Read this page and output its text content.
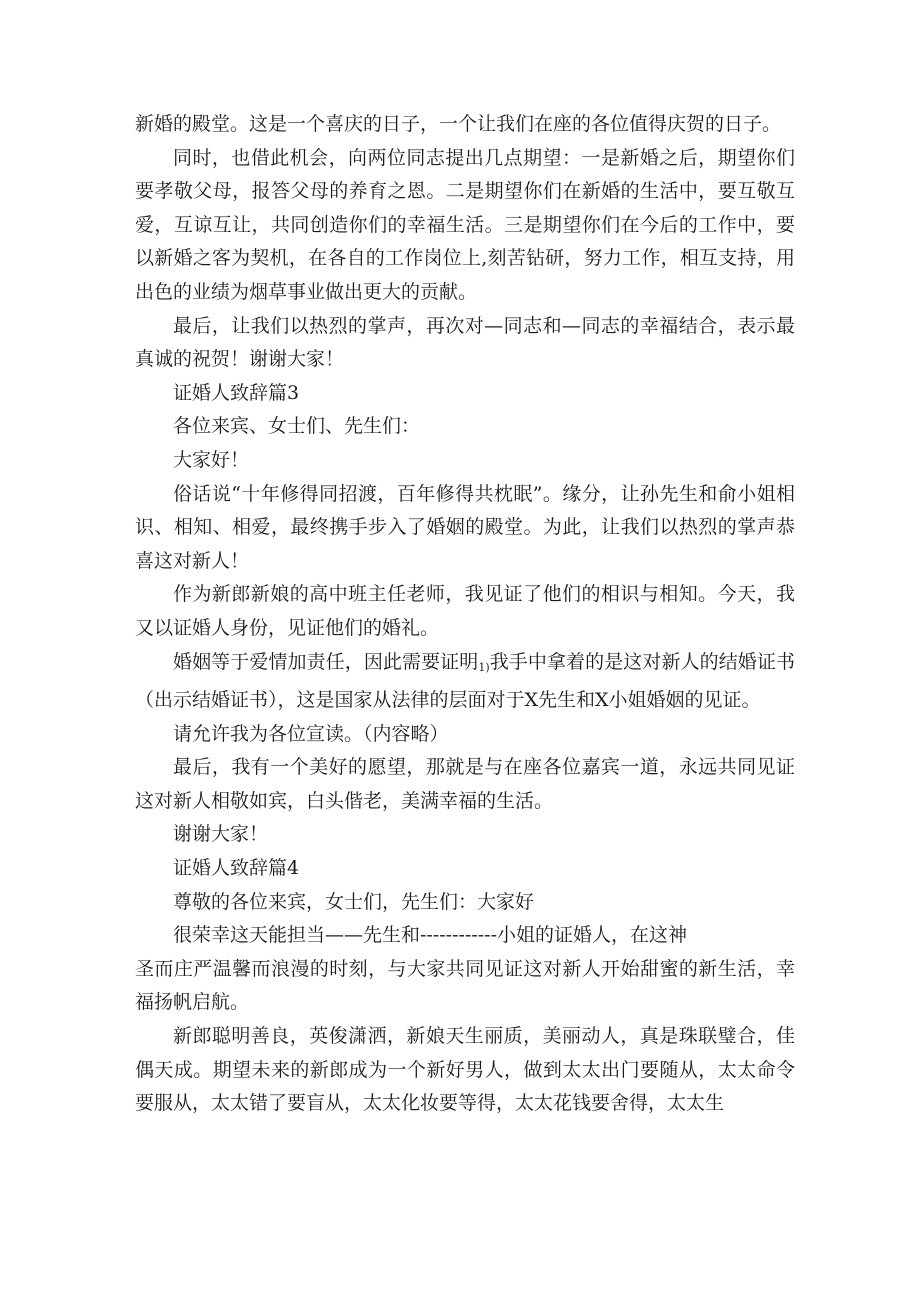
新婚的殿堂。这是一个喜庆的日子，一个让我们在座的各位值得庆贺的日子。

同时，也借此机会，向两位同志提出几点期望：一是新婚之后，期望你们要孝敬父母，报答父母的养育之恩。二是期望你们在新婚的生活中，要互敬互爱，互谅互让，共同创造你们的幸福生活。三是期望你们在今后的工作中，要以新婚之客为契机，在各自的工作岗位上,刻苦钻研，努力工作，相互支持，用出色的业绩为烟草事业做出更大的贡献。

最后，让我们以热烈的掌声，再次对—同志和—同志的幸福结合，表示最真诚的祝贺！谢谢大家！

证婚人致辞篇3

各位来宾、女士们、先生们：

大家好！

俗话说“十年修得同招渡，百年修得共枕眠”。缘分，让孙先生和俞小姐相识、相知、相爱，最终携手步入了婚姻的殿堂。为此，让我们以热烈的掌声恭喜这对新人！

作为新郎新娘的高中班主任老师，我见证了他们的相识与相知。今天，我又以证婚人身份，见证他们的婚礼。

婚姻等于爱情加责任，因此需要证明$_{1)}$我手中拿着的是这对新人的结婚证书（出示结婚证书），这是国家从法律的层面对于X先生和X小姐婚姻的见证。

请允许我为各位宣读。（内容略）

最后，我有一个美好的愿望，那就是与在座各位嘉宾一道，永远共同见证这对新人相敬如宾，白头偕老，美满幸福的生活。

谢谢大家！

证婚人致辞篇4

尊敬的各位来宾，女士们，先生们：大家好

很荣幸这天能担当——先生和------------小姐的证婚人，在这神

圣而庄严温馨而浪漫的时刻，与大家共同见证这对新人开始甜蜜的新生活，幸福扬帆启航。

新郎聪明善良，英俊潇洒，新娘天生丽质，美丽动人，真是珠联璧合，佳偶天成。期望未来的新郎成为一个新好男人，做到太太出门要随从，太太命令要服从，太太错了要盲从，太太化妆要等得，太太花钱要舍得，太太生
